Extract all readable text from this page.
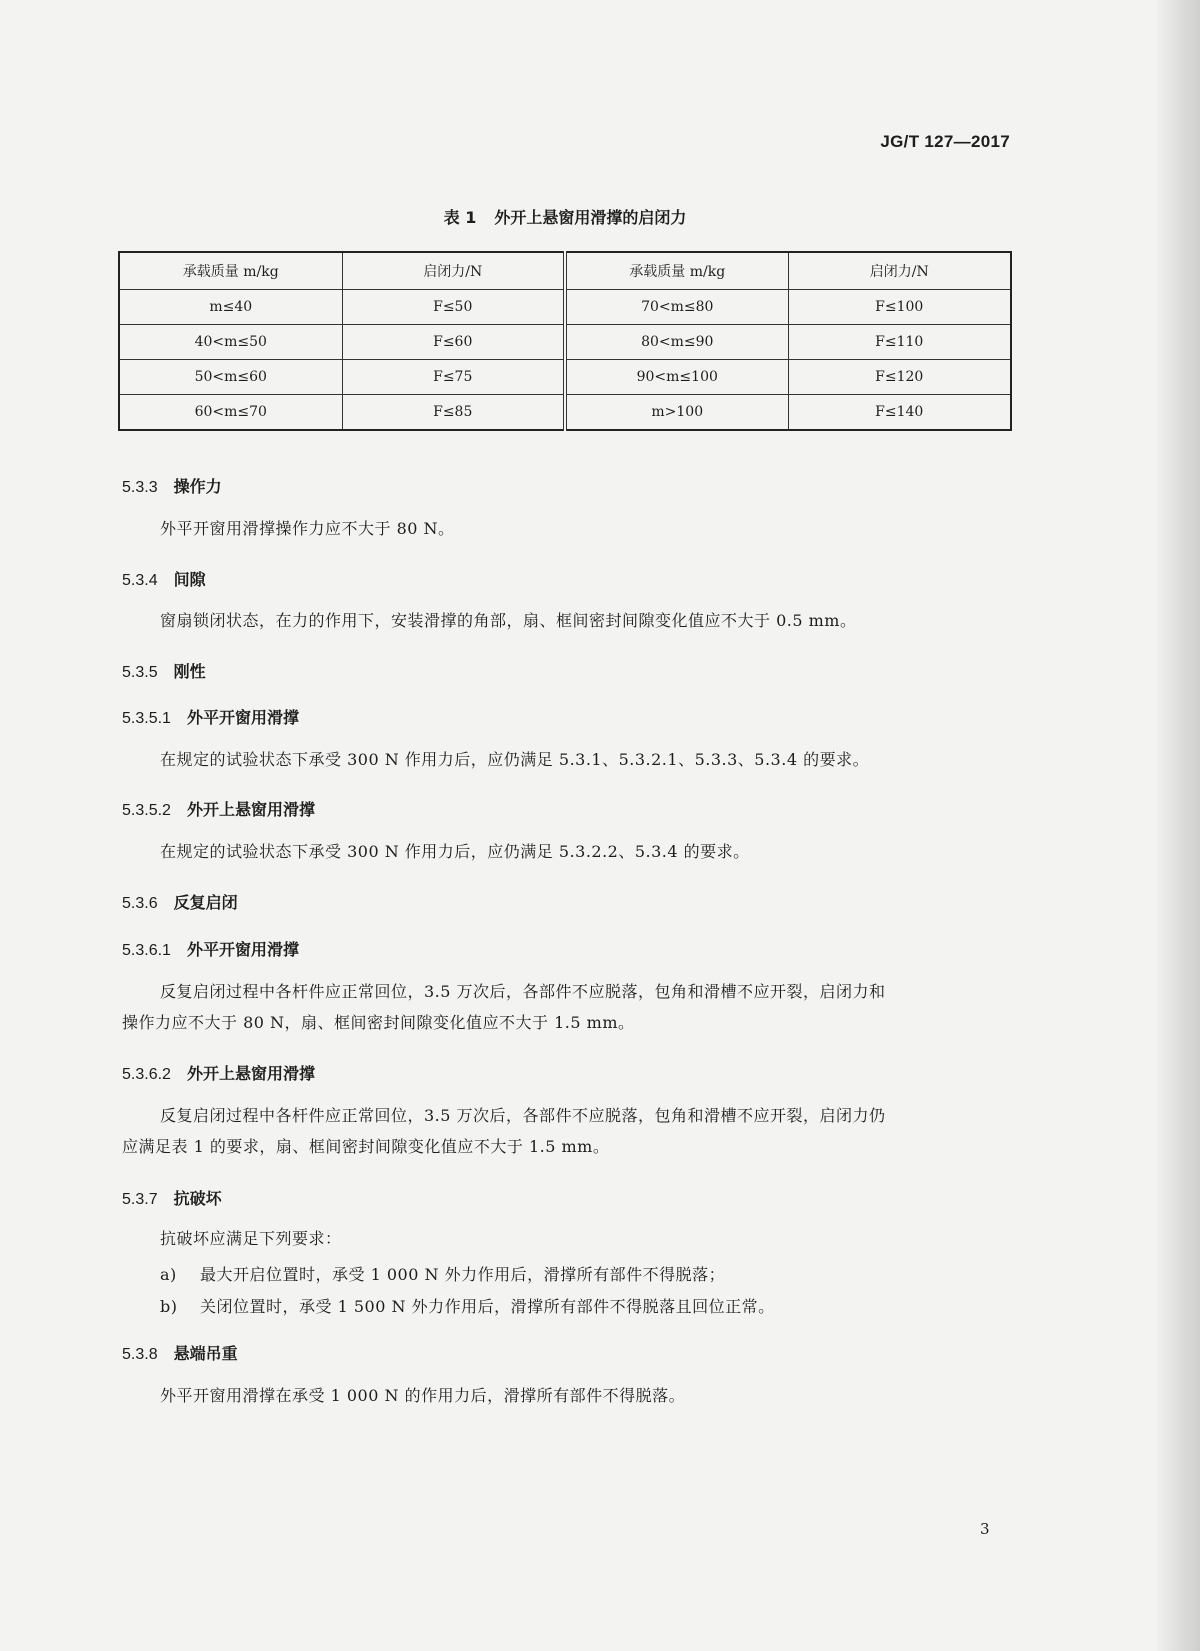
JG/T 127—2017
表 1 外开上悬窗用滑撑的启闭力
承载质量 m/kg	启闭力/N	承载质量 m/kg	启闭力/N
m≤40	F≤50	70<m≤80	F≤100
40<m≤50	F≤60	80<m≤90	F≤110
50<m≤60	F≤75	90<m≤100	F≤120
60<m≤70	F≤85	m>100	F≤140
5.3.3 操作力
外平开窗用滑撑操作力应不大于 80 N。
5.3.4 间隙
窗扇锁闭状态，在力的作用下，安装滑撑的角部，扇、框间密封间隙变化值应不大于 0.5 mm。
5.3.5 刚性
5.3.5.1 外平开窗用滑撑
在规定的试验状态下承受 300 N 作用力后，应仍满足 5.3.1、5.3.2.1、5.3.3、5.3.4 的要求。
5.3.5.2 外开上悬窗用滑撑
在规定的试验状态下承受 300 N 作用力后，应仍满足 5.3.2.2、5.3.4 的要求。
5.3.6 反复启闭
5.3.6.1 外平开窗用滑撑
反复启闭过程中各杆件应正常回位，3.5 万次后，各部件不应脱落，包角和滑槽不应开裂，启闭力和
操作力应不大于 80 N，扇、框间密封间隙变化值应不大于 1.5 mm。
5.3.6.2 外开上悬窗用滑撑
反复启闭过程中各杆件应正常回位，3.5 万次后，各部件不应脱落，包角和滑槽不应开裂，启闭力仍
应满足表 1 的要求，扇、框间密封间隙变化值应不大于 1.5 mm。
5.3.7 抗破坏
抗破坏应满足下列要求：
a) 最大开启位置时，承受 1 000 N 外力作用后，滑撑所有部件不得脱落；
b) 关闭位置时，承受 1 500 N 外力作用后，滑撑所有部件不得脱落且回位正常。
5.3.8 悬端吊重
外平开窗用滑撑在承受 1 000 N 的作用力后，滑撑所有部件不得脱落。
3
